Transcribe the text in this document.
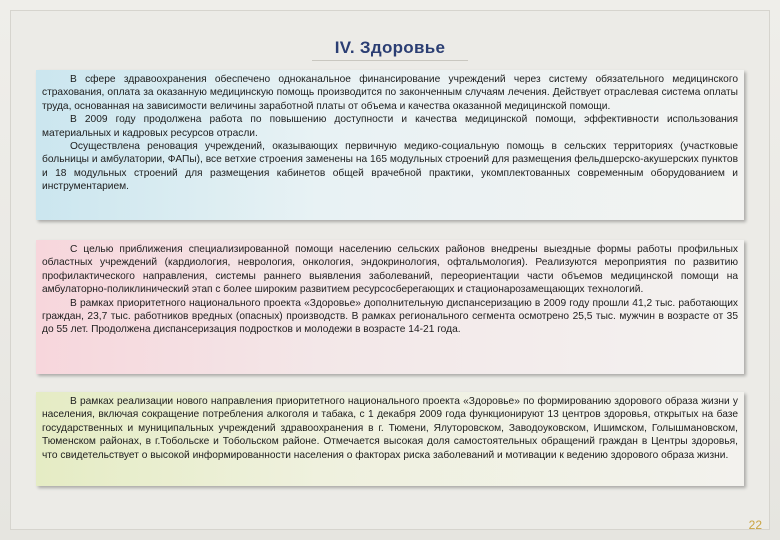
IV. Здоровье

В сфере здравоохранения обеспечено одноканальное финансирование учреждений через систему обязательного медицинского страхования, оплата за оказанную медицинскую помощь производится по законченным случаям лечения. Действует отраслевая система оплаты труда, основанная на зависимости величины заработной платы от объема и качества оказанной медицинской помощи.

В 2009 году продолжена работа по повышению доступности и качества медицинской помощи, эффективности использования материальных и кадровых ресурсов отрасли.

Осуществлена реновация учреждений, оказывающих первичную медико-социальную помощь в сельских территориях (участковые больницы и амбулатории, ФАПы), все ветхие строения заменены на 165 модульных строений для размещения фельдшерско-акушерских пунктов и 18 модульных строений для размещения кабинетов общей врачебной практики, укомплектованных современным оборудованием и инструментарием.

С целью приближения специализированной помощи населению сельских районов внедрены выездные формы работы профильных областных учреждений (кардиология, неврология, онкология, эндокринология, офтальмология). Реализуются мероприятия по развитию профилактического направления, системы раннего выявления заболеваний, переориентации части объемов медицинской помощи на амбулаторно-поликлинический этап с более широким развитием ресурсосберегающих и стационарозамещающих технологий.

В рамках приоритетного национального проекта «Здоровье» дополнительную диспансеризацию в 2009 году прошли 41,2 тыс. работающих граждан, 23,7 тыс. работников вредных (опасных) производств. В рамках регионального сегмента осмотрено 25,5 тыс. мужчин в возрасте от 35 до 55 лет. Продолжена диспансеризация подростков и молодежи в возрасте 14-21 года.

В рамках реализации нового направления приоритетного национального проекта «Здоровье» по формированию здорового образа жизни у населения, включая сокращение потребления алкоголя и табака, с 1 декабря 2009 года функционируют 13 центров здоровья, открытых на базе государственных и муниципальных учреждений здравоохранения в г. Тюмени, Ялуторовском, Заводоуковском, Ишимском, Голышмановском, Тюменском районах, в г.Тобольске и Тобольском районе. Отмечается высокая доля самостоятельных обращений граждан в Центры здоровья, что свидетельствует о высокой информированности населения о факторах риска заболеваний и мотивации к ведению здорового образа жизни.

22
